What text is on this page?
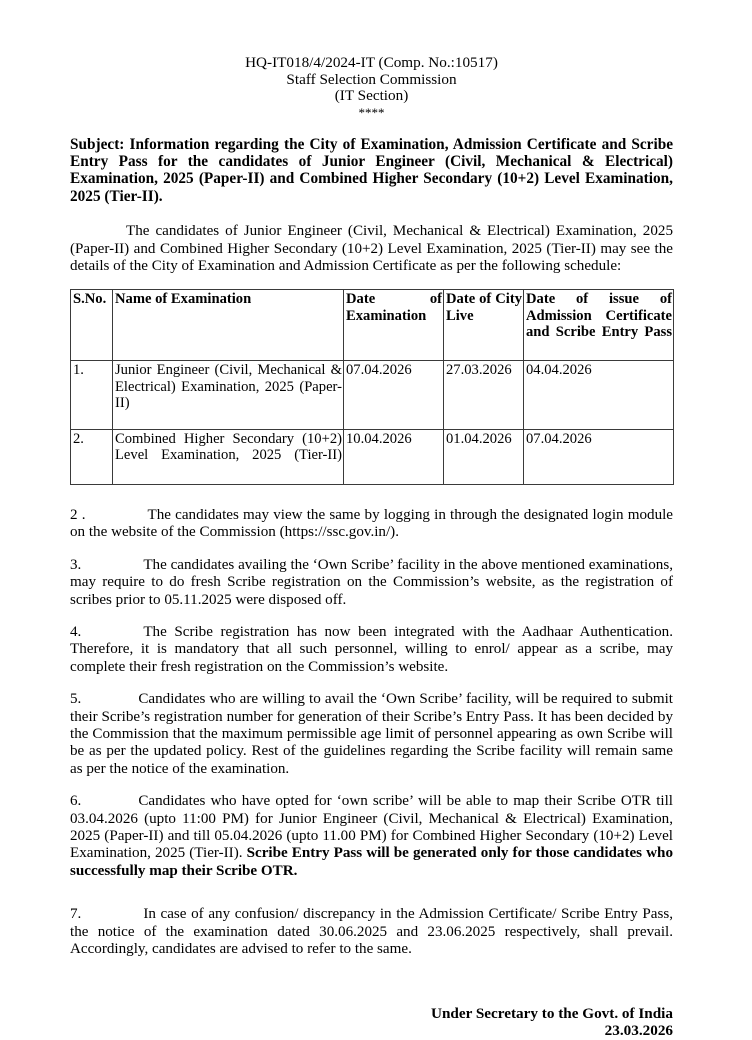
HQ-IT018/4/2024-IT (Comp. No.:10517)
Staff Selection Commission
(IT Section)
****
Subject: Information regarding the City of Examination, Admission Certificate and Scribe Entry Pass for the candidates of Junior Engineer (Civil, Mechanical & Electrical) Examination, 2025 (Paper-II) and Combined Higher Secondary (10+2) Level Examination, 2025 (Tier-II).
The candidates of Junior Engineer (Civil, Mechanical & Electrical) Examination, 2025 (Paper-II) and Combined Higher Secondary (10+2) Level Examination, 2025 (Tier-II) may see the details of the City of Examination and Admission Certificate as per the following schedule:
S.No.	Name of Examination	Date of Examination	Date of City Live	Date of issue of Admission Certificate and Scribe Entry Pass

1.	Junior Engineer (Civil, Mechanical & Electrical) Examination, 2025 (Paper-II)	07.04.2026	27.03.2026	04.04.2026
2.	Combined Higher Secondary (10+2) Level Examination, 2025 (Tier-II)	10.04.2026	01.04.2026	07.04.2026
2 .	The candidates may view the same by logging in through the designated login module on the website of the Commission (https://ssc.gov.in/).
3.	The candidates availing the ‘Own Scribe’ facility in the above mentioned examinations, may require to do fresh Scribe registration on the Commission’s website, as the registration of scribes prior to 05.11.2025 were disposed off.
4.	The Scribe registration has now been integrated with the Aadhaar Authentication. Therefore, it is mandatory that all such personnel, willing to enrol/ appear as a scribe, may complete their fresh registration on the Commission’s website.
5.	Candidates who are willing to avail the ‘Own Scribe’ facility, will be required to submit their Scribe’s registration number for generation of their Scribe’s Entry Pass. It has been decided by the Commission that the maximum permissible age limit of personnel appearing as own Scribe will be as per the updated policy. Rest of the guidelines regarding the Scribe facility will remain same as per the notice of the examination.
6.	Candidates who have opted for ‘own scribe’ will be able to map their Scribe OTR till 03.04.2026 (upto 11:00 PM) for Junior Engineer (Civil, Mechanical & Electrical) Examination, 2025 (Paper-II) and till 05.04.2026 (upto 11.00 PM) for Combined Higher Secondary (10+2) Level Examination, 2025 (Tier-II). Scribe Entry Pass will be generated only for those candidates who successfully map their Scribe OTR.
7.	In case of any confusion/ discrepancy in the Admission Certificate/ Scribe Entry Pass, the notice of the examination dated 30.06.2025 and 23.06.2025 respectively, shall prevail. Accordingly, candidates are advised to refer to the same.
Under Secretary to the Govt. of India
23.03.2026
